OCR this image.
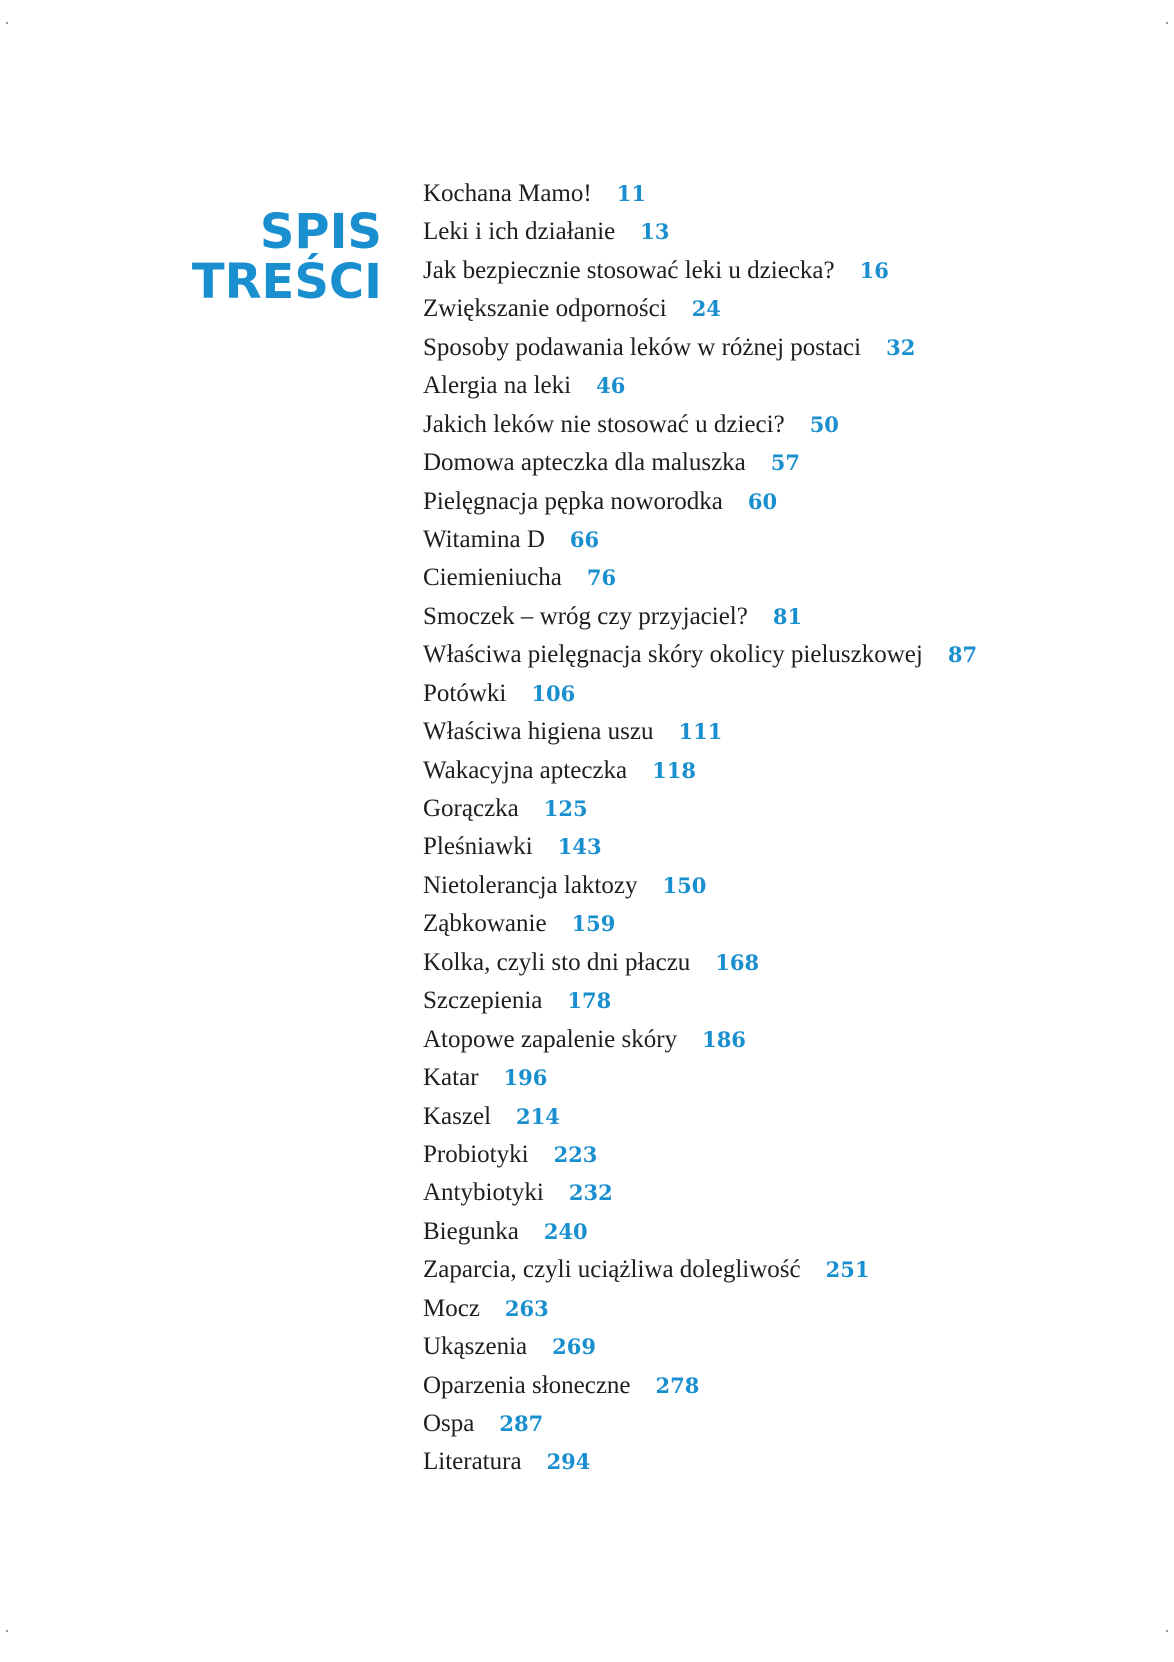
SPIS
TREŚCI
Kochana Mamo! 11
Leki i ich działanie 13
Jak bezpiecznie stosować leki u dziecka? 16
Zwiększanie odporności 24
Sposoby podawania leków w różnej postaci 32
Alergia na leki 46
Jakich leków nie stosować u dzieci? 50
Domowa apteczka dla maluszka 57
Pielęgnacja pępka noworodka 60
Witamina D 66
Ciemieniucha 76
Smoczek – wróg czy przyjaciel? 81
Właściwa pielęgnacja skóry okolicy pieluszkowej 87
Potówki 106
Właściwa higiena uszu 111
Wakacyjna apteczka 118
Gorączka 125
Pleśniawki 143
Nietolerancja laktozy 150
Ząbkowanie 159
Kolka, czyli sto dni płaczu 168
Szczepienia 178
Atopowe zapalenie skóry 186
Katar 196
Kaszel 214
Probiotyki 223
Antybiotyki 232
Biegunka 240
Zaparcia, czyli uciążliwa dolegliwość 251
Mocz 263
Ukąszenia 269
Oparzenia słoneczne 278
Ospa 287
Literatura 294
